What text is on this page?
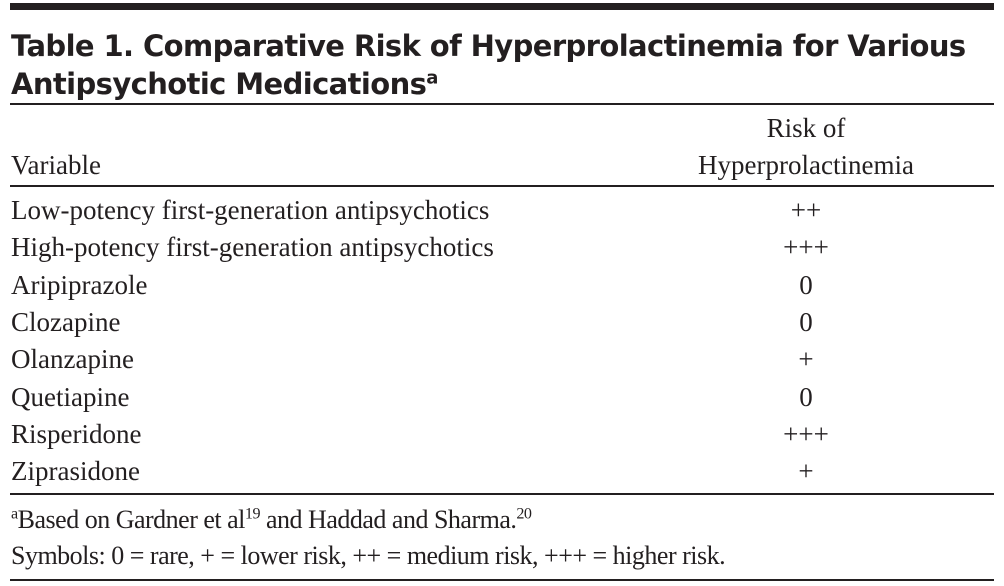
Table 1. Comparative Risk of Hyperprolactinemia for Various
Antipsychotic Medications$^a$
Variable
Risk of
Hyperprolactinemia
Low-potency first-generation antipsychotics	++
High-potency first-generation antipsychotics	+++
Aripiprazole	0
Clozapine	0
Olanzapine	+
Quetiapine	0
Risperidone	+++
Ziprasidone	+
$^a$Based on Gardner et $al^{19}$ and Haddad and Sharma.$^{20}$
Symbols: 0 = rare, + = lower risk, ++ = medium risk, +++ = higher risk.
